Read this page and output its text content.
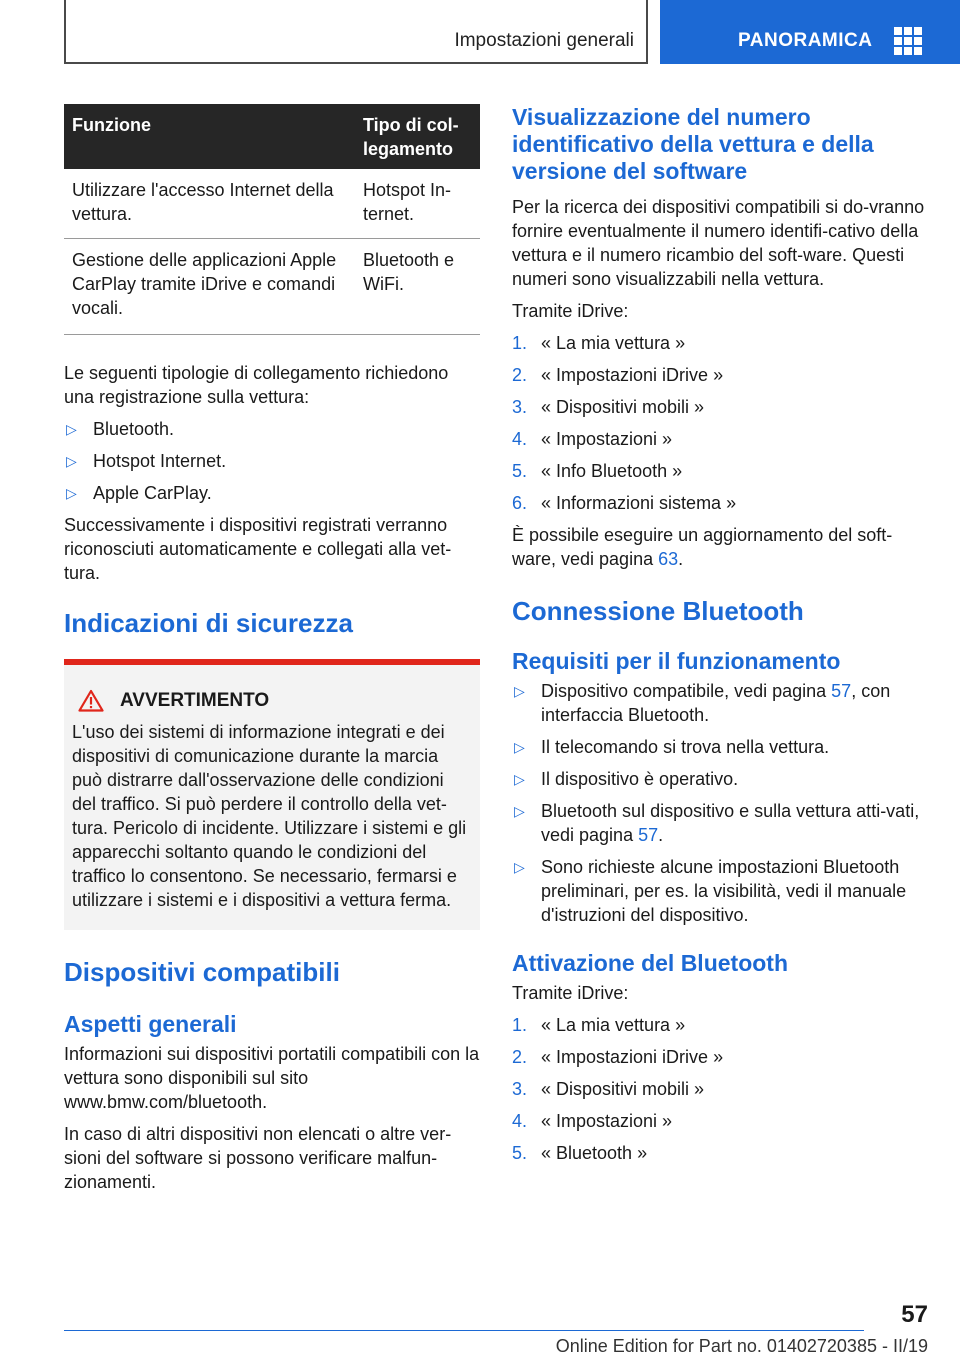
Impostazioni generali	PANORAMICA
Funzione	Tipo di col-
legamento
Utilizzare l'accesso Internet della vettura.	Hotspot In-
ternet.
Gestione delle applicazioni Apple CarPlay tramite iDrive e comandi vocali.	Bluetooth e WiFi.

Le seguenti tipologie di collegamento richiedono una registrazione sulla vettura:

▷ Bluetooth.
▷ Hotspot Internet.
▷ Apple CarPlay.

Successivamente i dispositivi registrati verranno riconosciuti automaticamente e collegati alla vet-tura.

Indicazioni di sicurezza
AVVERTIMENTO

L'uso dei sistemi di informazione integrati e dei dispositivi di comunicazione durante la marcia può distrarre dall'osservazione delle condizioni del traffico. Si può perdere il controllo della vet-tura. Pericolo di incidente. Utilizzare i sistemi e gli apparecchi soltanto quando le condizioni del traffico lo consentono. Se necessario, fermarsi e utilizzare i sistemi e i dispositivi a vettura ferma.

Dispositivi compatibili
Aspetti generali

Informazioni sui dispositivi portatili compatibili con la vettura sono disponibili sul sito www.bmw.com/bluetooth.

In caso di altri dispositivi non elencati o altre ver-sioni del software si possono verificare malfun-zionamenti.

Visualizzazione del numero identificativo della vettura e della versione del software

Per la ricerca dei dispositivi compatibili si do-vranno fornire eventualmente il numero identifi-cativo della vettura e il numero ricambio del soft-ware. Questi numeri sono visualizzabili nella vettura.

Tramite iDrive:

1. « La mia vettura »
2. « Impostazioni iDrive »
3. « Dispositivi mobili »
4. « Impostazioni »
5. « Info Bluetooth »
6. « Informazioni sistema »

È possibile eseguire un aggiornamento del soft-ware, vedi pagina 63.

Connessione Bluetooth
Requisiti per il funzionamento
▷ Dispositivo compatibile, vedi pagina 57, con interfaccia Bluetooth.
▷ Il telecomando si trova nella vettura.
▷ Il dispositivo è operativo.
▷ Bluetooth sul dispositivo e sulla vettura atti-vati, vedi pagina 57.
▷ Sono richieste alcune impostazioni Bluetooth preliminari, per es. la visibilità, vedi il manuale d'istruzioni del dispositivo.
Attivazione del Bluetooth

Tramite iDrive:

1. « La mia vettura »
2. « Impostazioni iDrive »
3. « Dispositivi mobili »
4. « Impostazioni »
5. « Bluetooth »
57
Online Edition for Part no. 01402720385 - II/19
